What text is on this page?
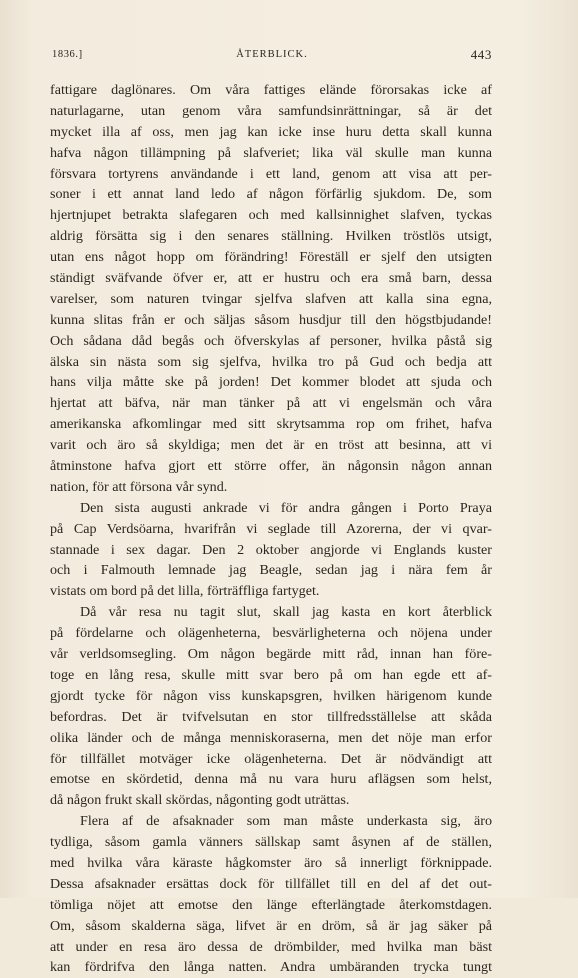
1836.]	ÅTERBLICK.	443
fattigare daglönares. Om våra fattiges elände förorsakas icke af
naturlagarne, utan genom våra samfundsinrättningar, så är det
mycket illa af oss, men jag kan icke inse huru detta skall kunna
hafva någon tillämpning på slafveriet; lika väl skulle man kunna
försvara tortyrens användande i ett land, genom att visa att per-
soner i ett annat land ledo af någon förfärlig sjukdom. De, som
hjertnjupet betrakta slafegaren och med kallsinnighet slafven, tyckas
aldrig försätta sig i den senares ställning. Hvilken tröstlös utsigt,
utan ens något hopp om förändring! Föreställ er sjelf den utsigten
ständigt sväfvande öfver er, att er hustru och era små barn, dessa
varelser, som naturen tvingar sjelfva slafven att kalla sina egna,
kunna slitas från er och säljas såsom husdjur till den högstbjudande!
Och sådana dåd begås och öfverskylas af personer, hvilka påstå sig
älska sin nästa som sig sjelfva, hvilka tro på Gud och bedja att
hans vilja måtte ske på jorden! Det kommer blodet att sjuda och
hjertat att bäfva, när man tänker på att vi engelsmän och våra
amerikanska afkomlingar med sitt skrytsamma rop om frihet, hafva
varit och äro så skyldiga; men det är en tröst att besinna, att vi
åtminstone hafva gjort ett större offer, än någonsin någon annan
nation, för att försona vår synd.
Den sista augusti ankrade vi för andra gången i Porto Praya
på Cap Verdsöarna, hvarifrån vi seglade till Azorerna, der vi qvar-
stannade i sex dagar. Den 2 oktober angjorde vi Englands kuster
och i Falmouth lemnade jag Beagle, sedan jag i nära fem år
vistats om bord på det lilla, förträffliga fartyget.
Då vår resa nu tagit slut, skall jag kasta en kort återblick
på fördelarne och olägenheterna, besvärligheterna och nöjena under
vår verldsomsegling. Om någon begärde mitt råd, innan han före-
toge en lång resa, skulle mitt svar bero på om han egde ett af-
gjordt tycke för någon viss kunskapsgren, hvilken härigenom kunde
befordras. Det är tvifvelsutan en stor tillfredsställelse att skåda
olika länder och de många menniskoraserna, men det nöje man erfor
för tillfället motväger icke olägenheterna. Det är nödvändigt att
emotse en skördetid, denna må nu vara huru aflägsen som helst,
då någon frukt skall skördas, någonting godt uträttas.
Flera af de afsaknader som man måste underkasta sig, äro
tydliga, såsom gamla vänners sällskap samt åsynen af de ställen,
med hvilka våra käraste hågkomster äro så innerligt förknippade.
Dessa afsaknader ersättas dock för tillfället till en del af det out-
tömliga nöjet att emotse den länge efterlängtade återkomstdagen.
Om, såsom skalderna säga, lifvet är en dröm, så är jag säker på
att under en resa äro dessa de drömbilder, med hvilka man bäst
kan fördrifva den långa natten. Andra umbäranden trycka tungt
